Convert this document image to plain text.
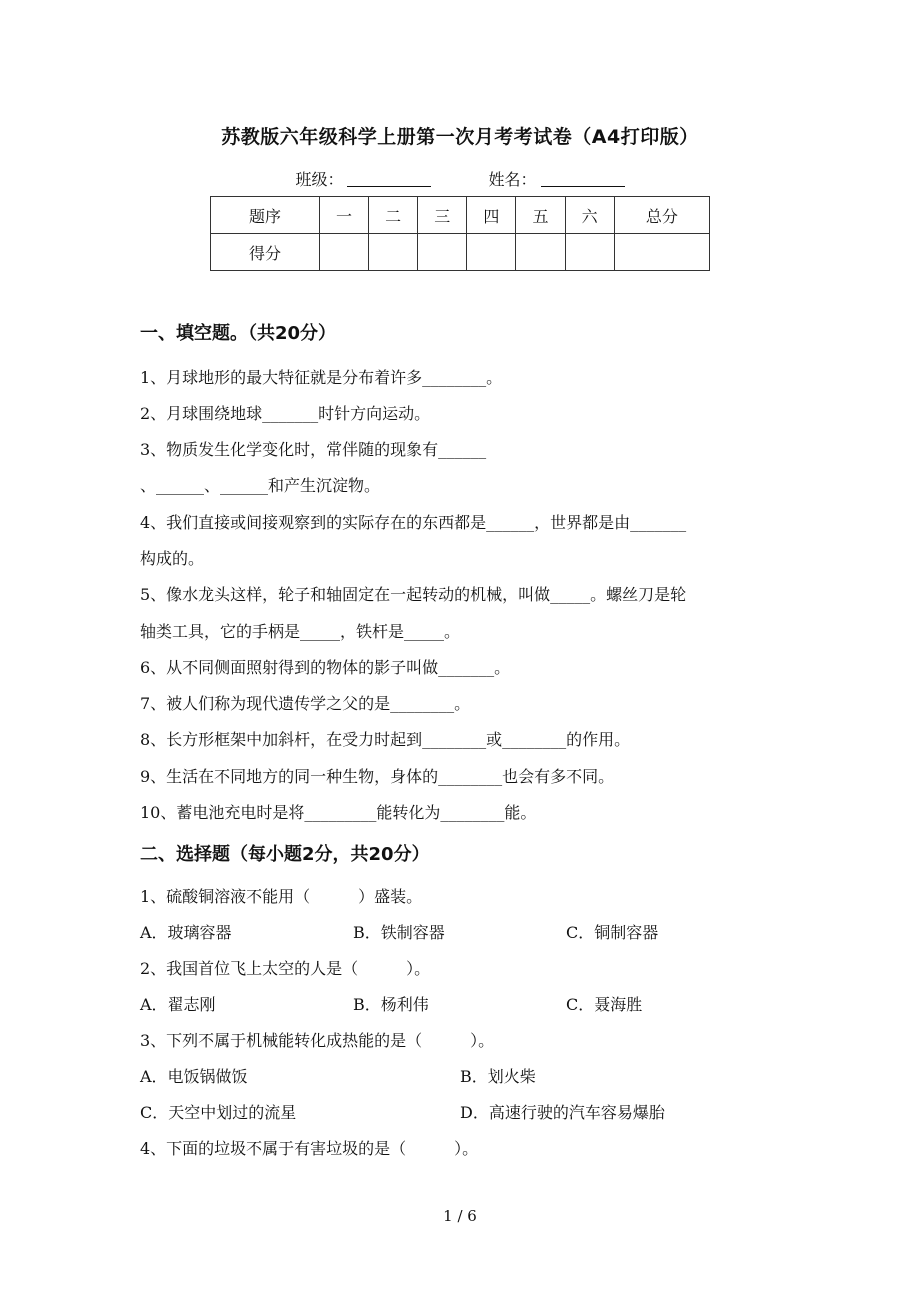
苏教版六年级科学上册第一次月考考试卷（A4打印版）
班级：	姓名：
题序	一	二	三	四	五	六	总分
得分							
一、填空题。（共20分）
1、月球地形的最大特征就是分布着许多________。
2、月球围绕地球_______时针方向运动。
3、物质发生化学变化时，常伴随的现象有______
、______、______和产生沉淀物。
4、我们直接或间接观察到的实际存在的东西都是______，世界都是由_______
构成的。
5、像水龙头这样，轮子和轴固定在一起转动的机械，叫做_____。螺丝刀是轮
轴类工具，它的手柄是_____，铁杆是_____。
6、从不同侧面照射得到的物体的影子叫做_______。
7、被人们称为现代遗传学之父的是________。
8、长方形框架中加斜杆，在受力时起到________或________的作用。
9、生活在不同地方的同一种生物，身体的________也会有多不同。
10、蓄电池充电时是将_________能转化为________能。
二、选择题（每小题2分，共20分）
1、硫酸铜溶液不能用（　　　）盛装。
A．玻璃容器	B．铁制容器	C．铜制容器
2、我国首位飞上太空的人是（　　　）。
A．翟志刚	B．杨利伟	C．聂海胜
3、下列不属于机械能转化成热能的是（　　　）。
A．电饭锅做饭	B．划火柴
C．天空中划过的流星	D．高速行驶的汽车容易爆胎
4、下面的垃圾不属于有害垃圾的是（　　　）。
1 / 6
